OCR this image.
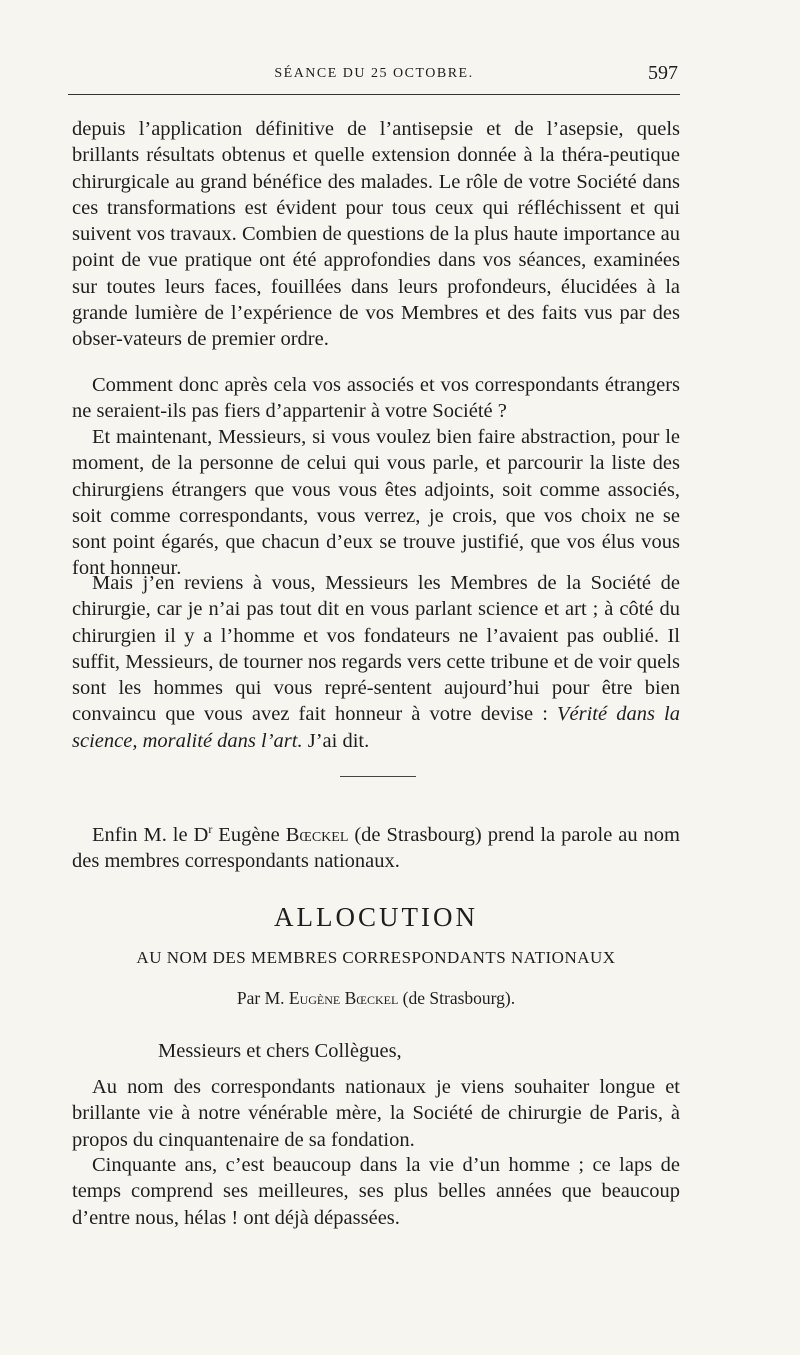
SÉANCE DU 25 OCTOBRE.	597

depuis l’application définitive de l’antisepsie et de l’asepsie, quels brillants résultats obtenus et quelle extension donnée à la théra-peutique chirurgicale au grand bénéfice des malades. Le rôle de votre Société dans ces transformations est évident pour tous ceux qui réfléchissent et qui suivent vos travaux. Combien de questions de la plus haute importance au point de vue pratique ont été approfondies dans vos séances, examinées sur toutes leurs faces, fouillées dans leurs profondeurs, élucidées à la grande lumière de l’expérience de vos Membres et des faits vus par des obser-vateurs de premier ordre.

Comment donc après cela vos associés et vos correspondants étrangers ne seraient-ils pas fiers d’appartenir à votre Société ?

Et maintenant, Messieurs, si vous voulez bien faire abstraction, pour le moment, de la personne de celui qui vous parle, et parcourir la liste des chirurgiens étrangers que vous vous êtes adjoints, soit comme associés, soit comme correspondants, vous verrez, je crois, que vos choix ne se sont point égarés, que chacun d’eux se trouve justifié, que vos élus vous font honneur.

Mais j’en reviens à vous, Messieurs les Membres de la Société de chirurgie, car je n’ai pas tout dit en vous parlant science et art ; à côté du chirurgien il y a l’homme et vos fondateurs ne l’avaient pas oublié. Il suffit, Messieurs, de tourner nos regards vers cette tribune et de voir quels sont les hommes qui vous repré-sentent aujourd’hui pour être bien convaincu que vous avez fait honneur à votre devise : Vérité dans la science, moralité dans l’art. J’ai dit.

Enfin M. le $D^r$ Eugène Bœckel (de Strasbourg) prend la parole au nom des membres correspondants nationaux.

ALLOCUTION
AU NOM DES MEMBRES CORRESPONDANTS NATIONAUX

Par M. Eugène Bœckel (de Strasbourg).

Messieurs et chers Collègues,

Au nom des correspondants nationaux je viens souhaiter longue et brillante vie à notre vénérable mère, la Société de chirurgie de Paris, à propos du cinquantenaire de sa fondation.

Cinquante ans, c’est beaucoup dans la vie d’un homme ; ce laps de temps comprend ses meilleures, ses plus belles années que beaucoup d’entre nous, hélas ! ont déjà dépassées.
